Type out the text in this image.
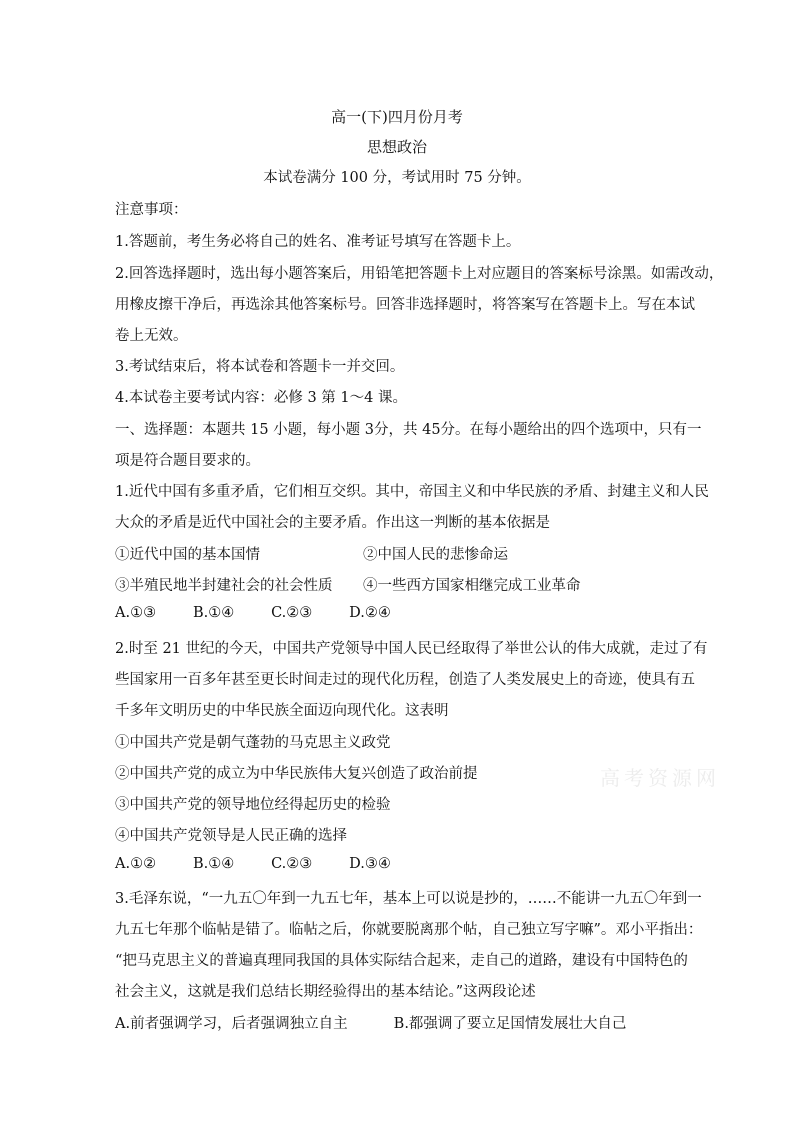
高一(下)四月份月考
思想政治
本试卷满分 100 分，考试用时 75 分钟。
注意事项：
1.答题前，考生务必将自己的姓名、准考证号填写在答题卡上。
2.回答选择题时，选出每小题答案后，用铅笔把答题卡上对应题目的答案标号涂黑。如需改动，
用橡皮擦干净后，再选涂其他答案标号。回答非选择题时，将答案写在答题卡上。写在本试
卷上无效。
3.考试结束后，将本试卷和答题卡一并交回。
4.本试卷主要考试内容：必修 3 第 1～4 课。
一、选择题：本题共 15 小题，每小题 3分，共 45分。在每小题给出的四个选项中，只有一
项是符合题目要求的。
1.近代中国有多重矛盾，它们相互交织。其中，帝国主义和中华民族的矛盾、封建主义和人民
大众的矛盾是近代中国社会的主要矛盾。作出这一判断的基本依据是
①近代中国的基本国情	②中国人民的悲惨命运
③半殖民地半封建社会的社会性质 ④一些西方国家相继完成工业革命
A.①③        B.①④        C.②③        D.②④
2.时至 21 世纪的今天，中国共产党领导中国人民已经取得了举世公认的伟大成就，走过了有
些国家用一百多年甚至更长时间走过的现代化历程，创造了人类发展史上的奇迹，使具有五
千多年文明历史的中华民族全面迈向现代化。这表明
①中国共产党是朝气蓬勃的马克思主义政党
②中国共产党的成立为中华民族伟大复兴创造了政治前提
③中国共产党的领导地位经得起历史的检验
④中国共产党领导是人民正确的选择
A.①②        B.①④        C.②③        D.③④
3.毛泽东说，“一九五〇年到一九五七年，基本上可以说是抄的，……不能讲一九五〇年到一
九五七年那个临帖是错了。临帖之后，你就要脱离那个帖，自己独立写字嘛”。邓小平指出：
“把马克思主义的普遍真理同我国的具体实际结合起来，走自己的道路，建设有中国特色的
社会主义，这就是我们总结长期经验得出的基本结论。”这两段论述
A.前者强调学习，后者强调独立自主          B.都强调了要立足国情发展壮大自己
高考资源网
